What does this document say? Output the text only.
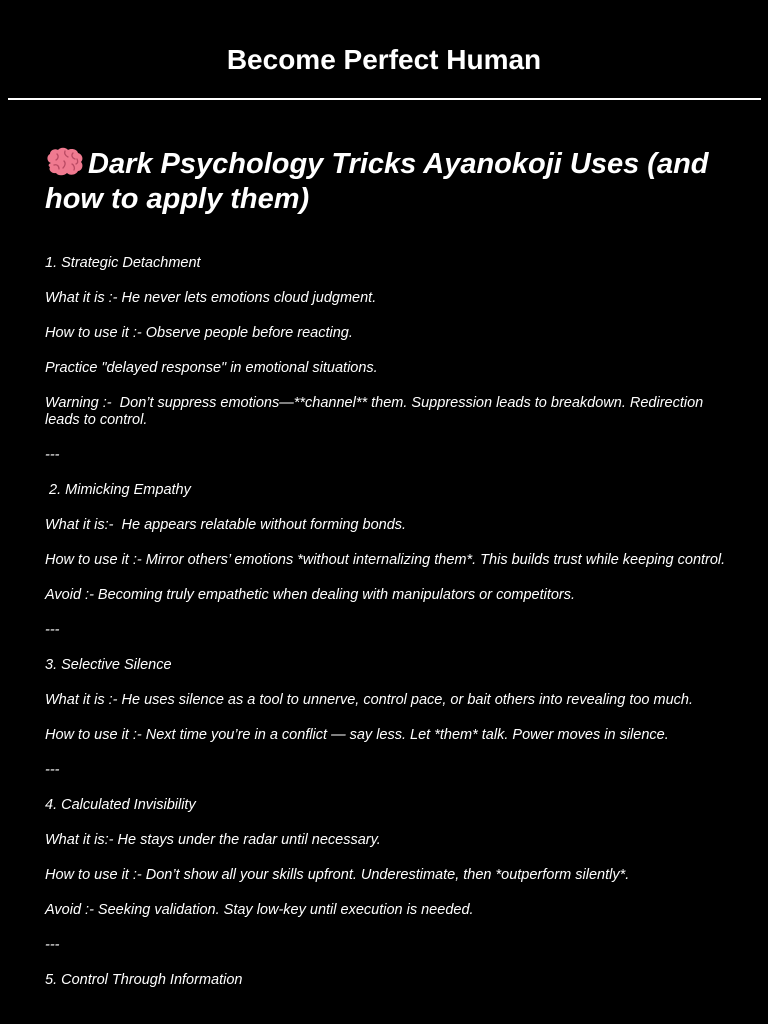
Become Perfect Human
Dark Psychology Tricks Ayanokoji Uses (and how to apply them)

1. Strategic Detachment

What it is :- He never lets emotions cloud judgment.

How to use it :- Observe people before reacting.

Practice "delayed response" in emotional situations.

Warning :-  Don’t suppress emotions—**channel** them. Suppression leads to breakdown. Redirection leads to control.

---

2. Mimicking Empathy

What it is:-  He appears relatable without forming bonds.

How to use it :- Mirror others’ emotions *without internalizing them*. This builds trust while keeping control.

Avoid :- Becoming truly empathetic when dealing with manipulators or competitors.

---

3. Selective Silence

What it is :- He uses silence as a tool to unnerve, control pace, or bait others into revealing too much.

How to use it :- Next time you’re in a conflict — say less. Let *them* talk. Power moves in silence.

---

4. Calculated Invisibility

What it is:- He stays under the radar until necessary.

How to use it :- Don’t show all your skills upfront. Underestimate, then *outperform silently*.

Avoid :- Seeking validation. Stay low-key until execution is needed.

---

5. Control Through Information
